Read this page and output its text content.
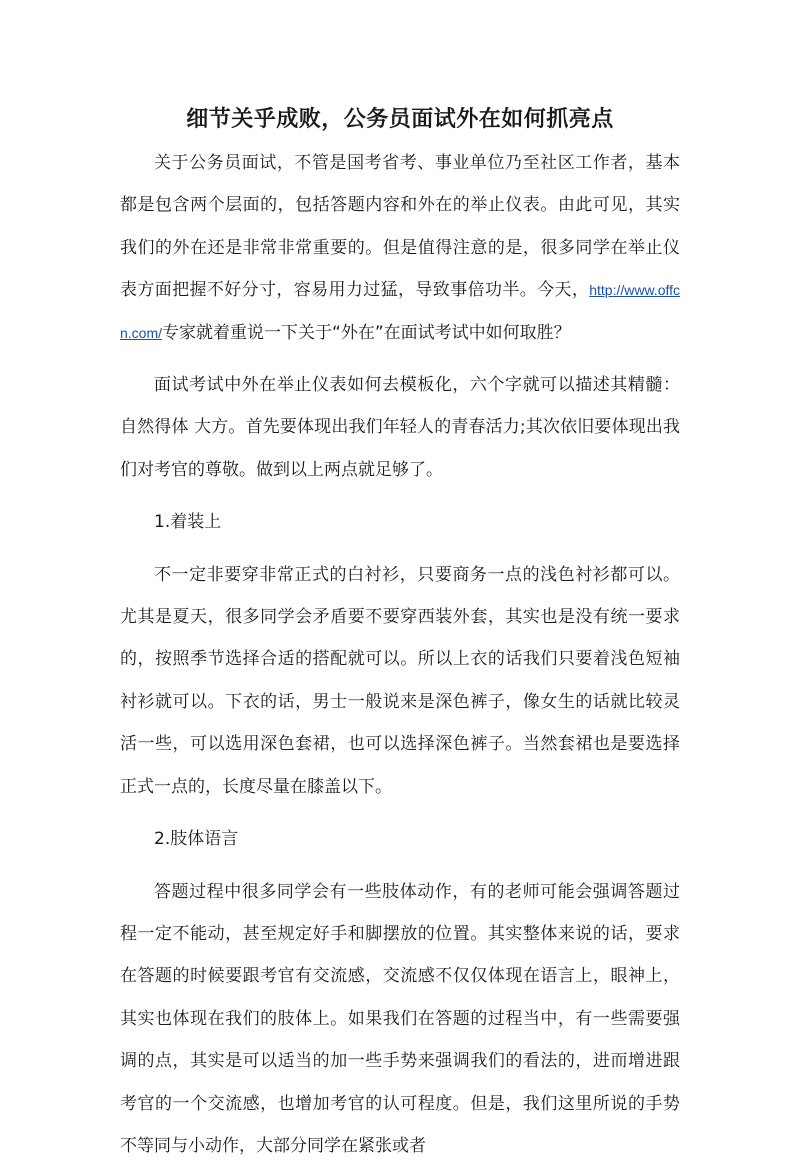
细节关乎成败，公务员面试外在如何抓亮点

关于公务员面试，不管是国考省考、事业单位乃至社区工作者，基本都是包含两个层面的，包括答题内容和外在的举止仪表。由此可见，其实我们的外在还是非常非常重要的。但是值得注意的是，很多同学在举止仪表方面把握不好分寸，容易用力过猛，导致事倍功半。今天，http://www.offcn.com/专家就着重说一下关于“外在”在面试考试中如何取胜？

面试考试中外在举止仪表如何去模板化，六个字就可以描述其精髓：自然得体 大方。首先要体现出我们年轻人的青春活力;其次依旧要体现出我们对考官的尊敬。做到以上两点就足够了。

1.着装上

不一定非要穿非常正式的白衬衫，只要商务一点的浅色衬衫都可以。尤其是夏天，很多同学会矛盾要不要穿西装外套，其实也是没有统一要求的，按照季节选择合适的搭配就可以。所以上衣的话我们只要着浅色短袖衬衫就可以。下衣的话，男士一般说来是深色裤子，像女生的话就比较灵活一些，可以选用深色套裙，也可以选择深色裤子。当然套裙也是要选择正式一点的，长度尽量在膝盖以下。

2.肢体语言

答题过程中很多同学会有一些肢体动作，有的老师可能会强调答题过程一定不能动，甚至规定好手和脚摆放的位置。其实整体来说的话，要求在答题的时候要跟考官有交流感，交流感不仅仅体现在语言上，眼神上，其实也体现在我们的肢体上。如果我们在答题的过程当中，有一些需要强调的点，其实是可以适当的加一些手势来强调我们的看法的，进而增进跟考官的一个交流感，也增加考官的认可程度。但是，我们这里所说的手势不等同与小动作，大部分同学在紧张或者
